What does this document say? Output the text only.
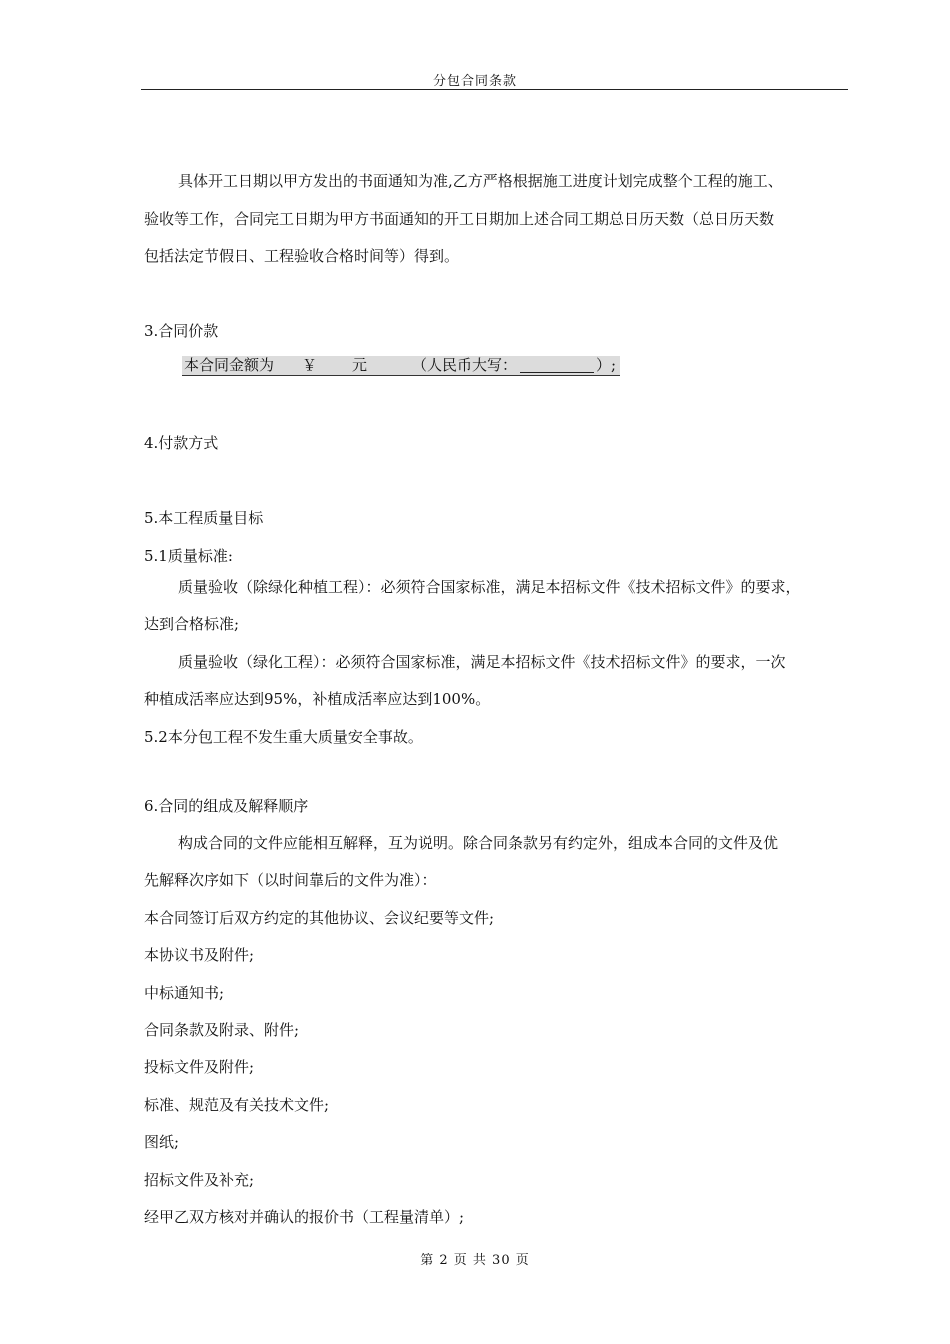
分包合同条款
具体开工日期以甲方发出的书面通知为准,乙方严格根据施工进度计划完成整个工程的施工、
验收等工作，合同完工日期为甲方书面通知的开工日期加上述合同工期总日历天数（总日历天数
包括法定节假日、工程验收合格时间等）得到。
3.合同价款
本合同金额为 ￥ 元	（人民币大写：	）;
4.付款方式
5.本工程质量目标
5.1质量标准:
质量验收（除绿化种植工程）：必须符合国家标准，满足本招标文件《技术招标文件》的要求，
达到合格标准;
质量验收（绿化工程）：必须符合国家标准，满足本招标文件《技术招标文件》的要求，一次
种植成活率应达到95%，补植成活率应达到100%。
5.2本分包工程不发生重大质量安全事故。
6.合同的组成及解释顺序
构成合同的文件应能相互解释，互为说明。除合同条款另有约定外，组成本合同的文件及优
先解释次序如下（以时间靠后的文件为准）：
本合同签订后双方约定的其他协议、会议纪要等文件;
本协议书及附件;
中标通知书;
合同条款及附录、附件;
投标文件及附件;
标准、规范及有关技术文件;
图纸;
招标文件及补充;
经甲乙双方核对并确认的报价书（工程量清单）;
第 2 页 共 30 页
